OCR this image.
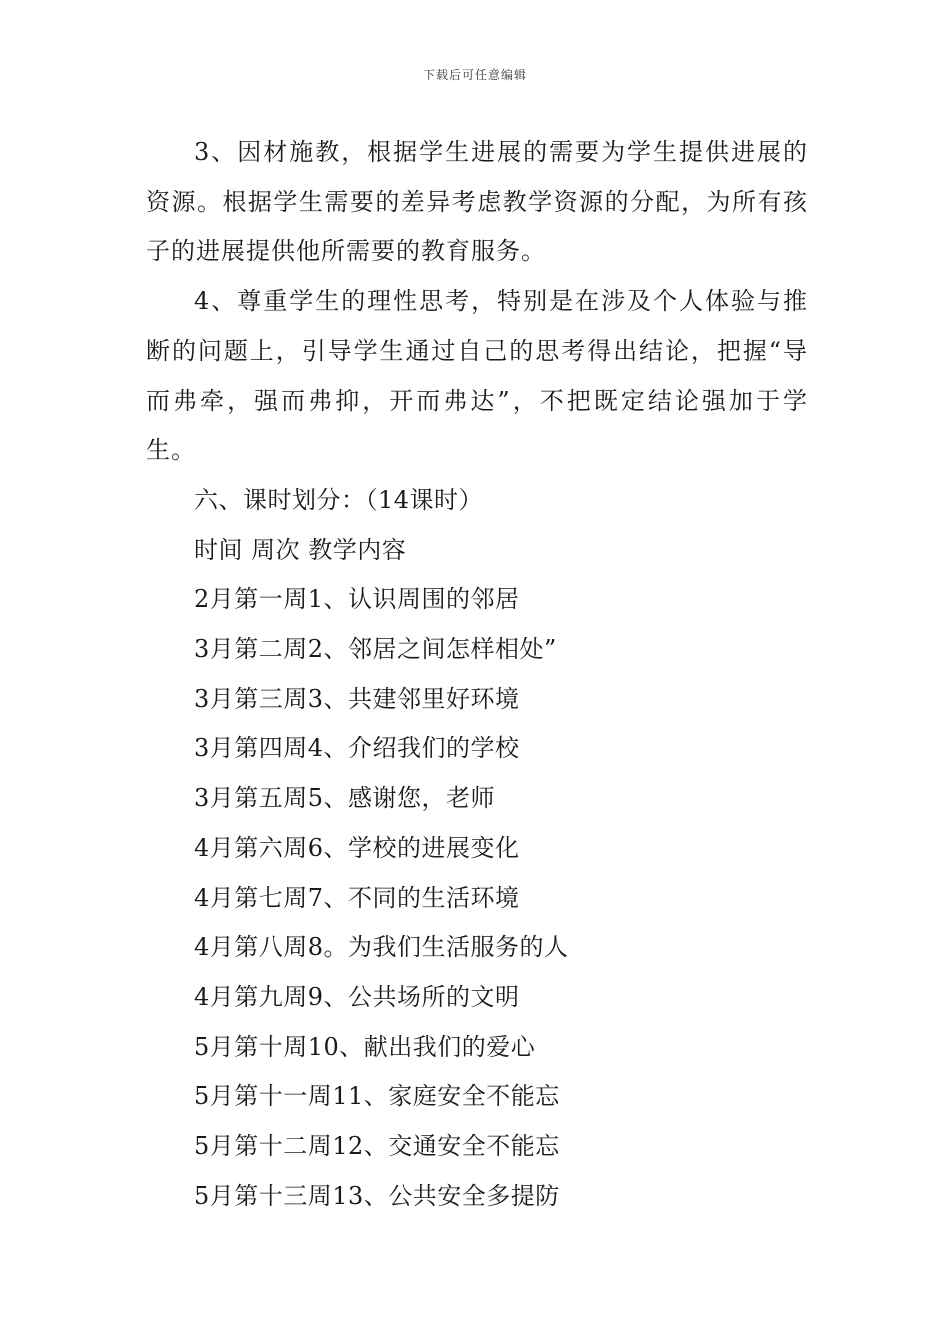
下载后可任意编辑

3、因材施教，根据学生进展的需要为学生提供进展的资源。根据学生需要的差异考虑教学资源的分配，为所有孩子的进展提供他所需要的教育服务。

4、尊重学生的理性思考，特别是在涉及个人体验与推断的问题上，引导学生通过自己的思考得出结论，把握“导而弗牵，强而弗抑，开而弗达”，不把既定结论强加于学生。

六、课时划分：（14课时）

时间 周次 教学内容

2月第一周1、认识周围的邻居

3月第二周2、邻居之间怎样相处”

3月第三周3、共建邻里好环境

3月第四周4、介绍我们的学校

3月第五周5、感谢您，老师

4月第六周6、学校的进展变化

4月第七周7、不同的生活环境

4月第八周8。为我们生活服务的人

4月第九周9、公共场所的文明

5月第十周10、献出我们的爱心

5月第十一周11、家庭安全不能忘

5月第十二周12、交通安全不能忘

5月第十三周13、公共安全多提防
